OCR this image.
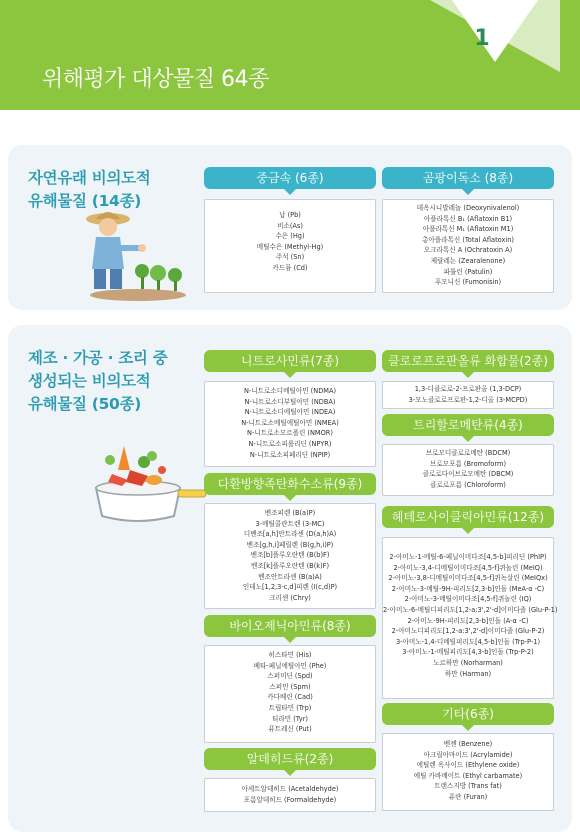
1
위해평가 대상물질 64종
자연유래 비의도적
유해물질 (14종)
중금속 (6종)
납 (Pb)
비소(As)
수은 (Hg)
메틸수은 (Methyl-Hg)
주석 (Sn)
카드뮴 (Cd)
곰팡이독소 (8종)
데옥시니발레놀 (Deoxynivalenol)
아플라톡신 B₁ (Aflatoxin B1)
아플라톡신 M₁ (Aflatoxin M1)
총아플라톡신 (Total Aflatoxin)
오크라톡신 A (Ochratoxin A)
제랄레논 (Zearalenone)
파튤린 (Patulin)
푸모니신 (Fumonisin)
제조 · 가공 · 조리 중
생성되는 비의도적
유해물질 (50종)
니트로사민류(7종)
N-니트로소디메틸아민 (NDMA)
N-니트로소디부틸아민 (NDBA)
N-니트로소디에틸아민 (NDEA)
N-니트로소메틸에틸아민 (NMEA)
N-니트로소모르폴린 (NMOR)
N-니트로소피롤리딘 (NPYR)
N-니트로소피페리딘 (NPIP)
다환방향족탄화수소류(9종)
벤조피렌 (B(a)P)
3-메틸콜란트렌 (3-MC)
디벤조[a,h]안트라센 (D(a,h)A)
벤조[g,h,i]페릴렌 (B(g,h,i)P)
벤조[b]플루오란텐 (B(b)F)
벤조[k]플루오란텐 (B(k)F)
벤조안트라센 (B(a)A)
인데노[1,2,3-c,d]피렌 (I(c,d)P)
크리센 (Chry)
바이오제닉아민류(8종)
히스타민 (His)
베타-페닐에틸아민 (Phe)
스퍼미딘 (Spd)
스퍼민 (Spm)
카다베린 (Cad)
트립타민 (Trp)
티라민 (Tyr)
퓨트레신 (Put)
알데히드류(2종)
아세트알데히드 (Acetaldehyde)
포름알데히드 (Formaldehyde)
클로로프로판올류 화합물(2종)
1,3-디클로로-2-프로판올 (1,3-DCP)
3-모노클로로프로판-1,2-디올 (3-MCPD)
트리할로메탄류(4종)
브로모디클로로메탄 (BDCM)
브로모포름 (Bromoform)
클로로다이브로모메탄 (DBCM)
클로로포름 (Chloroform)
헤테로사이클릭아민류(12종)
2-아미노-1-메틸-6-페닐이미다조[4,5-b]피리딘 (PhIP)
2-아미노-3,4-디메틸이미다조[4,5-f]퀴놀린 (MeIQ)
2-아미노-3,8-디메틸이미다조[4,5-f]퀴녹살린 (MeIQx)
2-아미노-3-메틸-9H-피리도[2,3-b]인돌 (MeA-α -C)
2-아미노-3-메틸이미다조[4,5-f]퀴놀린 (IQ)
2-아미노-6-메틸디피리도[1,2-a:3',2'-d]이미다졸 (Glu-P-1)
2-아미노-9H-피리도[2,3-b]인돌 (A-α -C)
2-아미노디피리도[1,2-a:3',2'-d]이미다졸 (Glu-P-2)
3-아미노-1,4-디메틸피리도[4,5-b]인돌 (Trp-P-1)
3-아미노-1-메틸피리도[4,3-b]인돌 (Trp-P-2)
노르하만 (Norharman)
하만 (Harman)
기타(6종)
벤젠 (Benzene)
아크릴아마이드 (Acrylamide)
에틸렌 옥사이드 (Ethylene oxide)
에틸 카바메이트 (Ethyl carbamate)
트랜스지방 (Trans fat)
퓨란 (Furan)
